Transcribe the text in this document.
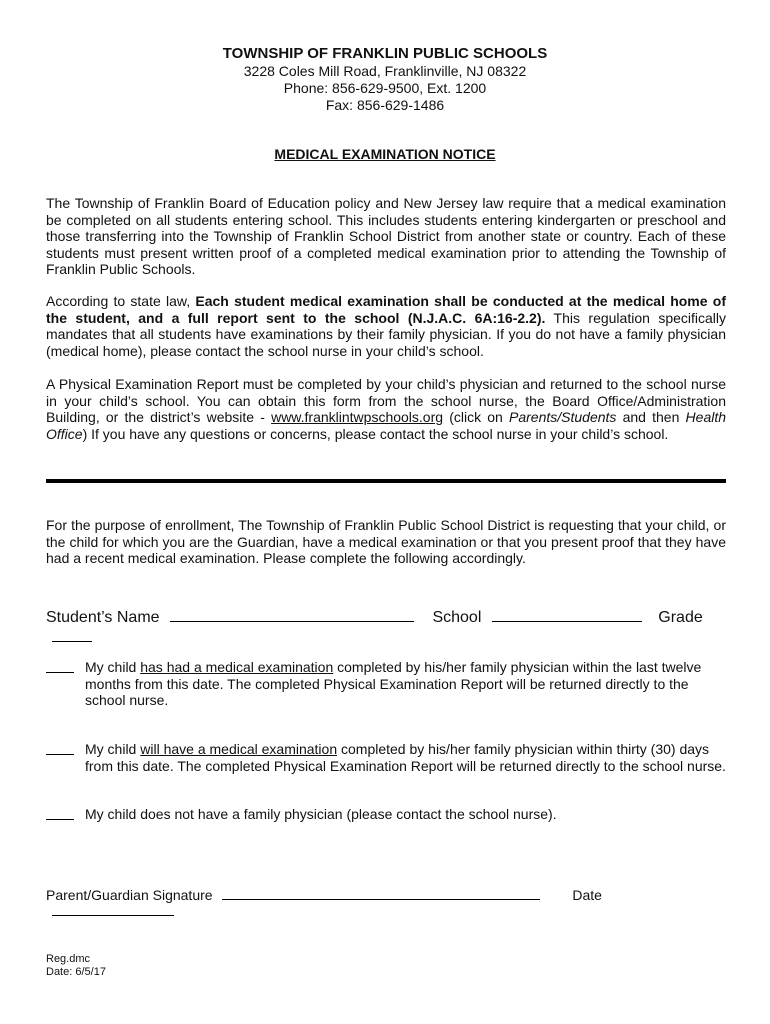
TOWNSHIP OF FRANKLIN PUBLIC SCHOOLS
3228 Coles Mill Road, Franklinville, NJ 08322
Phone: 856-629-9500, Ext. 1200
Fax: 856-629-1486
MEDICAL EXAMINATION NOTICE
The Township of Franklin Board of Education policy and New Jersey law require that a medical examination be completed on all students entering school. This includes students entering kindergarten or preschool and those transferring into the Township of Franklin School District from another state or country. Each of these students must present written proof of a completed medical examination prior to attending the Township of Franklin Public Schools.
According to state law, Each student medical examination shall be conducted at the medical home of the student, and a full report sent to the school (N.J.A.C. 6A:16-2.2). This regulation specifically mandates that all students have examinations by their family physician. If you do not have a family physician (medical home), please contact the school nurse in your child’s school.
A Physical Examination Report must be completed by your child’s physician and returned to the school nurse in your child’s school. You can obtain this form from the school nurse, the Board Office/Administration Building, or the district’s website - www.franklintwpschools.org (click on Parents/Students and then Health Office) If you have any questions or concerns, please contact the school nurse in your child’s school.
For the purpose of enrollment, The Township of Franklin Public School District is requesting that your child, or the child for which you are the Guardian, have a medical examination or that you present proof that they have had a recent medical examination. Please complete the following accordingly.
Student’s Name	School	Grade
My child has had a medical examination completed by his/her family physician within the last twelve months from this date. The completed Physical Examination Report will be returned directly to the school nurse.
My child will have a medical examination completed by his/her family physician within thirty (30) days from this date. The completed Physical Examination Report will be returned directly to the school nurse.
My child does not have a family physician (please contact the school nurse).
Parent/Guardian Signature	Date
Reg.dmc
Date: 6/5/17
